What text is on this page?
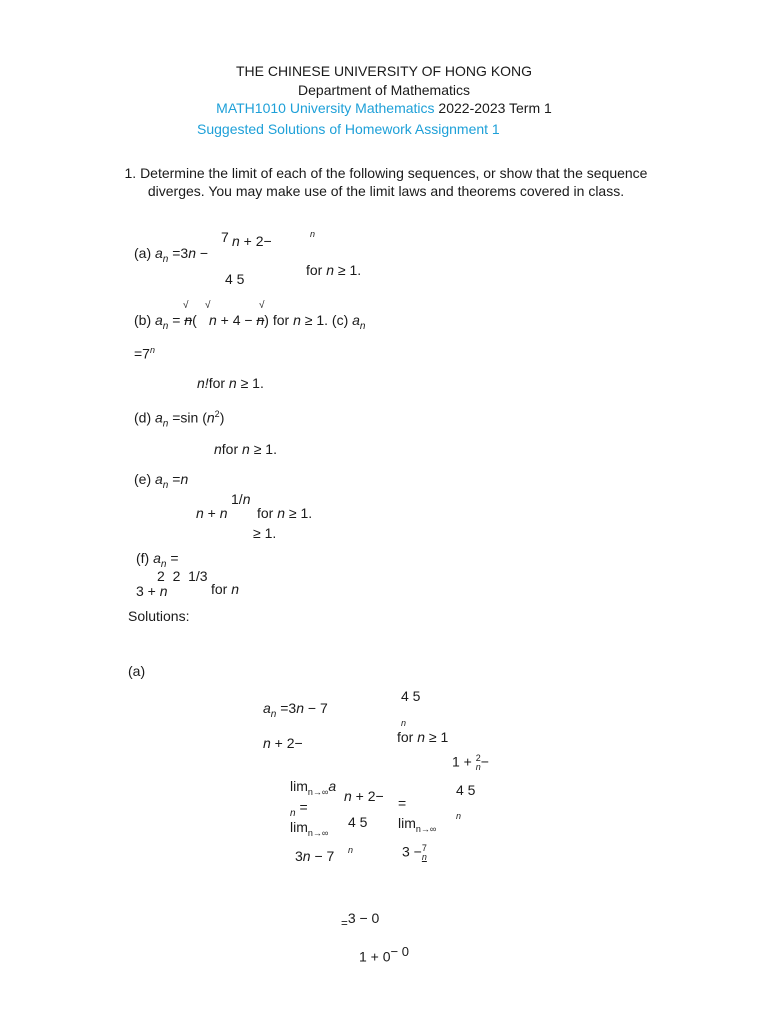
THE CHINESE UNIVERSITY OF HONG KONG
Department of Mathematics
MATH1010 University Mathematics 2022-2023 Term 1
Suggested Solutions of Homework Assignment 1
1. Determine the limit of each of the following sequences, or show that the sequence diverges. You may make use of the limit laws and theorems covered in class.
7 n + 2−	n
(a) $a_n =3n$ −
4 5
for n ≥ 1.
√ √	√
(b) $a_n = n$( n + 4 − n) for n ≥ 1. (c) $a_n$
$=7^n$
n!for n ≥ 1.
(d) $a_n =\sin$ $(n^2)$
nfor n ≥ 1.
(e) $a_n =n$
1/n
n + n for n ≥ 1.
≥ 1.
(f) $a_n$ =
2  2  1/3
3 + n	for n
Solutions:
(a)
4 5
$a_n =3n - 7$
n
n + 2−	for n ≥ 1
1 + 2
n−
$\lim_{n\to\infty}a$
n + 2−	4 5
=
$_n$ =
$\lim_{n\to\infty}$
4 5 $\lim_{n\to\infty}$
n
3n − 7 n	3 −7
n
$_=$3 − 0
$1 + 0^{- 0}$
